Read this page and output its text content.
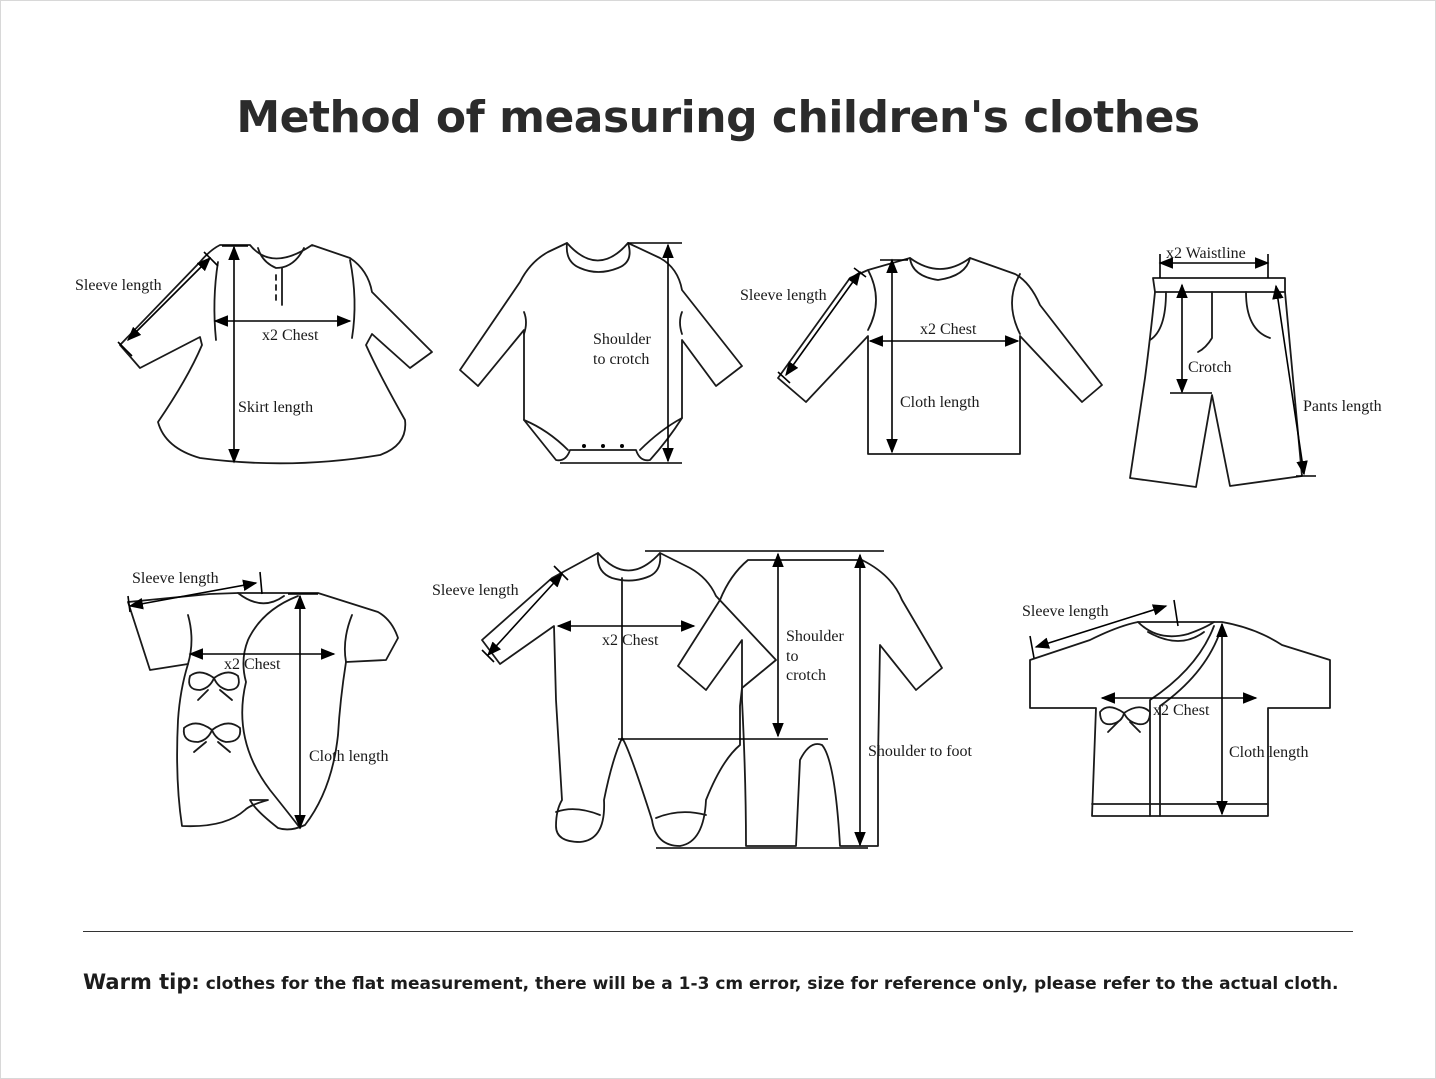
Method of measuring children's clothes
Sleeve length
x2 Chest
Skirt length
Shoulder
to crotch
Sleeve length
x2 Chest
Cloth length
x2 Waistline
Crotch
Pants length
Sleeve length
x2 Chest
Cloth length
Sleeve length
x2 Chest	Shoulder
to
crotch
Shoulder to foot
Sleeve length
x2 Chest
Cloth length
Warm tip: clothes for the flat measurement, there will be a 1-3 cm error, size for reference only, please refer to the actual cloth.
